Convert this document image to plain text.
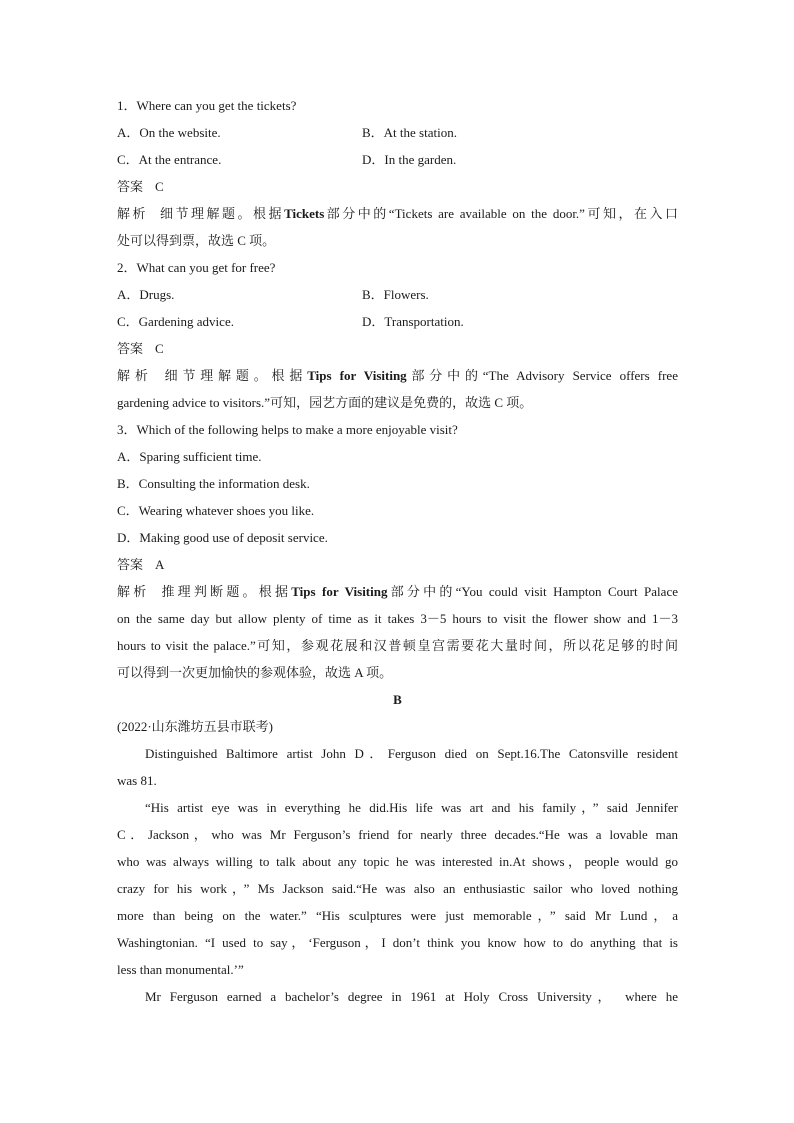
1．Where can you get the tickets?
A．On the website.	B．At the station.
C．At the entrance.	D．In the garden.
答案 C
解析 细节理解题。根据Tickets部分中的“Tickets are available on the door.”可知，在入口
处可以得到票，故选 C 项。
2．What can you get for free?
A．Drugs.	B．Flowers.
C．Gardening advice.	D．Transportation.
答案 C
解析 细节理解题。根据Tips for Visiting部分中的“The Advisory Service offers free
gardening advice to visitors.”可知，园艺方面的建议是免费的，故选 C 项。
3．Which of the following helps to make a more enjoyable visit?
A．Sparing sufficient time.
B．Consulting the information desk.
C．Wearing whatever shoes you like.
D．Making good use of deposit service.
答案 A
解析 推理判断题。根据Tips for Visiting部分中的“You could visit Hampton Court Palace
on the same day but allow plenty of time as it takes 3－5 hours to visit the flower show and 1－3
hours to visit the palace.”可知，参观花展和汉普顿皇宫需要花大量时间，所以花足够的时间
可以得到一次更加愉快的参观体验，故选 A 项。
B
(2022·山东潍坊五县市联考)
Distinguished Baltimore artist John D．Ferguson died on Sept.16.The Catonsville resident
was 81.
“His artist eye was in everything he did.His life was art and his family，” said Jennifer
C．Jackson，who was Mr Ferguson’s friend for nearly three decades.“He was a lovable man
who was always willing to talk about any topic he was interested in.At shows，people would go
crazy for his work，” Ms Jackson said.“He was also an enthusiastic sailor who loved nothing
more than being on the water.” “His sculptures were just memorable，” said Mr Lund，a
Washingtonian. “I used to say，‘Ferguson，I don’t think you know how to do anything that is
less than monumental.’”
Mr Ferguson earned a bachelor’s degree in 1961 at Holy Cross University， where he
